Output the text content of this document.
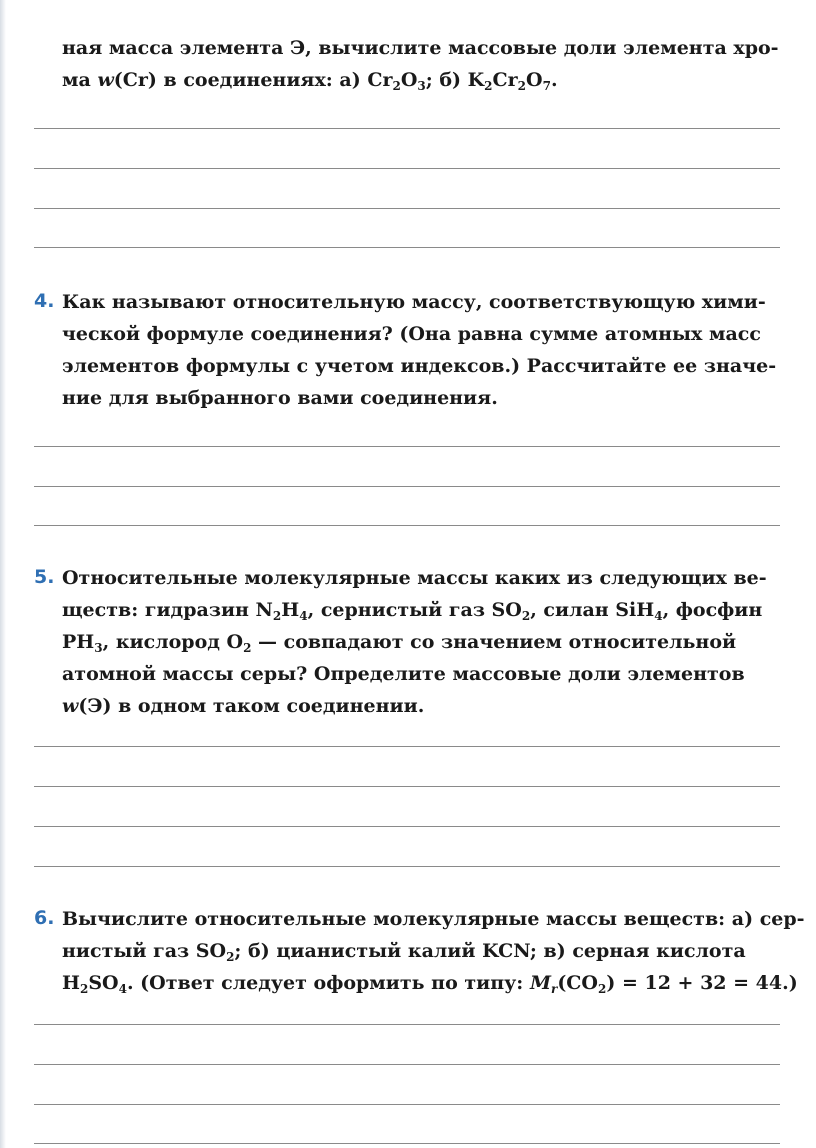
ная масса элемента Э, вычислите массовые доли элемента хро-
ма w(Cr) в соединениях: а) $Cr_2O_3$; б) $K_2Cr_2O_7$.
4. Как называют относительную массу, соответствующую хими-
ческой формуле соединения? (Она равна сумме атомных масс
элементов формулы с учетом индексов.) Рассчитайте ее значе-
ние для выбранного вами соединения.
5. Относительные молекулярные массы каких из следующих ве-
ществ: гидразин $N_2H_4$, сернистый газ $SO_2$, силан SiH$_4$, фосфин
$PH_3$, кислород $O_2$ — совпадают со значением относительной
атомной массы серы? Определите массовые доли элементов
w(Э) в одном таком соединении.
6. Вычислите относительные молекулярные массы веществ: а) сер-
нистый газ $SO_2$; б) цианистый калий KCN; в) серная кислота
$H_2SO_4$. (Ответ следует оформить по типу: $M_r(CO_2) = 12 + 32 = 44$.)
